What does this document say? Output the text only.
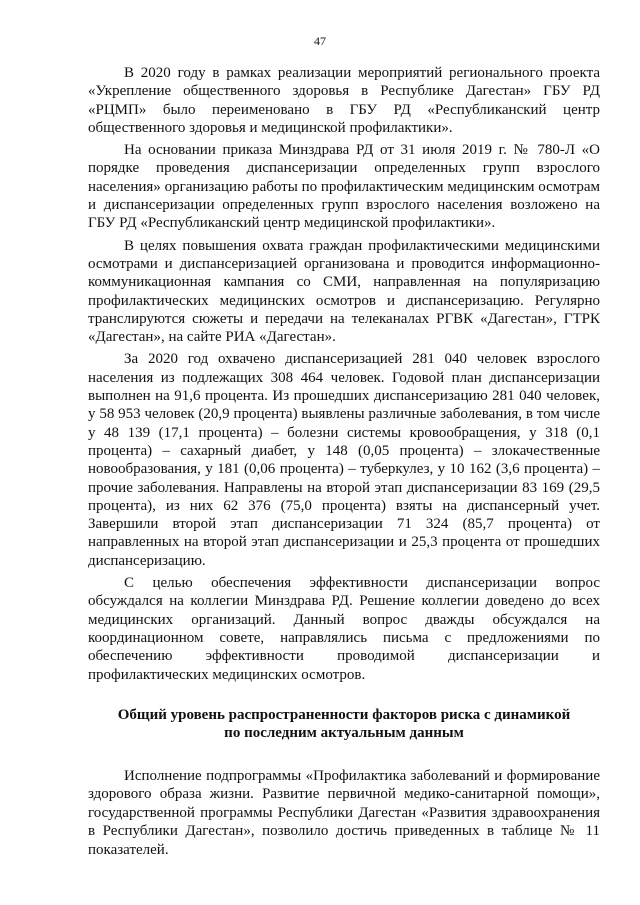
47

В 2020 году в рамках реализации мероприятий регионального проекта «Укрепление общественного здоровья в Республике Дагестан» ГБУ РД «РЦМП» было переименовано в ГБУ РД «Республиканский центр общественного здоровья и медицинской профилактики».

На основании приказа Минздрава РД от 31 июля 2019 г. № 780-Л «О порядке проведения диспансеризации определенных групп взрослого населения» организацию работы по профилактическим медицинским осмотрам и диспансеризации определенных групп взрослого населения возложено на ГБУ РД «Республиканский центр медицинской профилактики».

В целях повышения охвата граждан профилактическими медицинскими осмотрами и диспансеризацией организована и проводится информационно-коммуникационная кампания со СМИ, направленная на популяризацию профилактических медицинских осмотров и диспансеризацию. Регулярно транслируются сюжеты и передачи на телеканалах РГВК «Дагестан», ГТРК «Дагестан», на сайте РИА «Дагестан».

За 2020 год охвачено диспансеризацией 281 040 человек взрослого населения из подлежащих 308 464 человек. Годовой план диспансеризации выполнен на 91,6 процента. Из прошедших диспансеризацию 281 040 человек, у 58 953 человек (20,9 процента) выявлены различные заболевания, в том числе у 48 139 (17,1 процента) – болезни системы кровообращения, у 318 (0,1 процента) – сахарный диабет, у 148 (0,05 процента) – злокачественные новообразования, у 181 (0,06 процента) – туберкулез, у 10 162 (3,6 процента) – прочие заболевания. Направлены на второй этап диспансеризации 83 169 (29,5 процента), из них 62 376 (75,0 процента) взяты на диспансерный учет. Завершили второй этап диспансеризации 71 324 (85,7 процента) от направленных на второй этап диспансеризации и 25,3 процента от прошедших диспансеризацию.

С целью обеспечения эффективности диспансеризации вопрос обсуждался на коллегии Минздрава РД. Решение коллегии доведено до всех медицинских организаций. Данный вопрос дважды обсуждался на координационном совете, направлялись письма с предложениями по обеспечению эффективности проводимой диспансеризации и профилактических медицинских осмотров.

Общий уровень распространенности факторов риска с динамикой
по последним актуальным данным

Исполнение подпрограммы «Профилактика заболеваний и формирование здорового образа жизни. Развитие первичной медико-санитарной помощи», государственной программы Республики Дагестан «Развития здравоохранения в Республики Дагестан», позволило достичь приведенных в таблице № 11 показателей.
